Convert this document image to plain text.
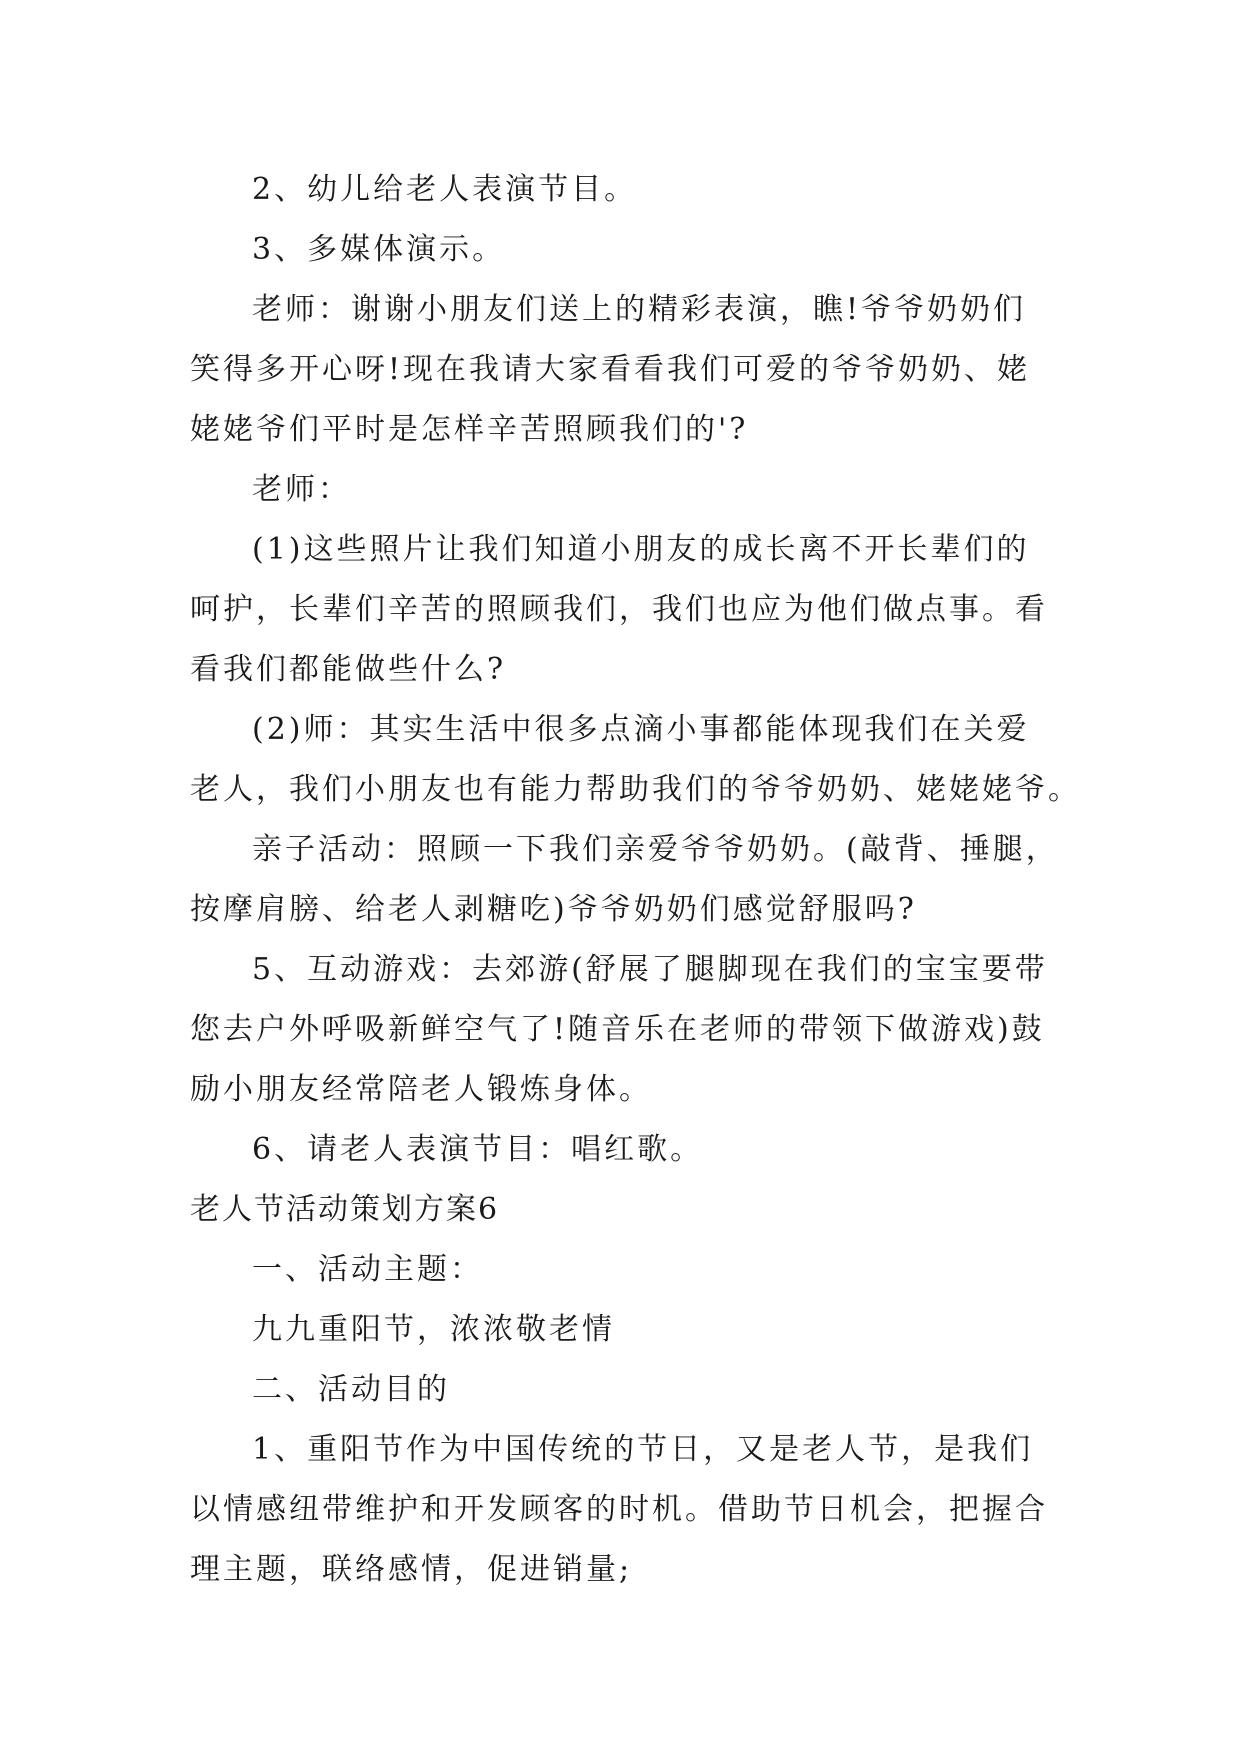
2、幼儿给老人表演节目。
3、多媒体演示。
老师：谢谢小朋友们送上的精彩表演，瞧!爷爷奶奶们
笑得多开心呀!现在我请大家看看我们可爱的爷爷奶奶、姥
姥姥爷们平时是怎样辛苦照顾我们的'?
老师：
(1)这些照片让我们知道小朋友的成长离不开长辈们的
呵护，长辈们辛苦的照顾我们，我们也应为他们做点事。看
看我们都能做些什么?
(2)师：其实生活中很多点滴小事都能体现我们在关爱
老人，我们小朋友也有能力帮助我们的爷爷奶奶、姥姥姥爷。
亲子活动：照顾一下我们亲爱爷爷奶奶。(敲背、捶腿，
按摩肩膀、给老人剥糖吃)爷爷奶奶们感觉舒服吗?
5、互动游戏：去郊游(舒展了腿脚现在我们的宝宝要带
您去户外呼吸新鲜空气了!随音乐在老师的带领下做游戏)鼓
励小朋友经常陪老人锻炼身体。
6、请老人表演节目：唱红歌。
老人节活动策划方案6
一、活动主题：
九九重阳节，浓浓敬老情
二、活动目的
1、重阳节作为中国传统的节日，又是老人节，是我们
以情感纽带维护和开发顾客的时机。借助节日机会，把握合
理主题，联络感情，促进销量;
